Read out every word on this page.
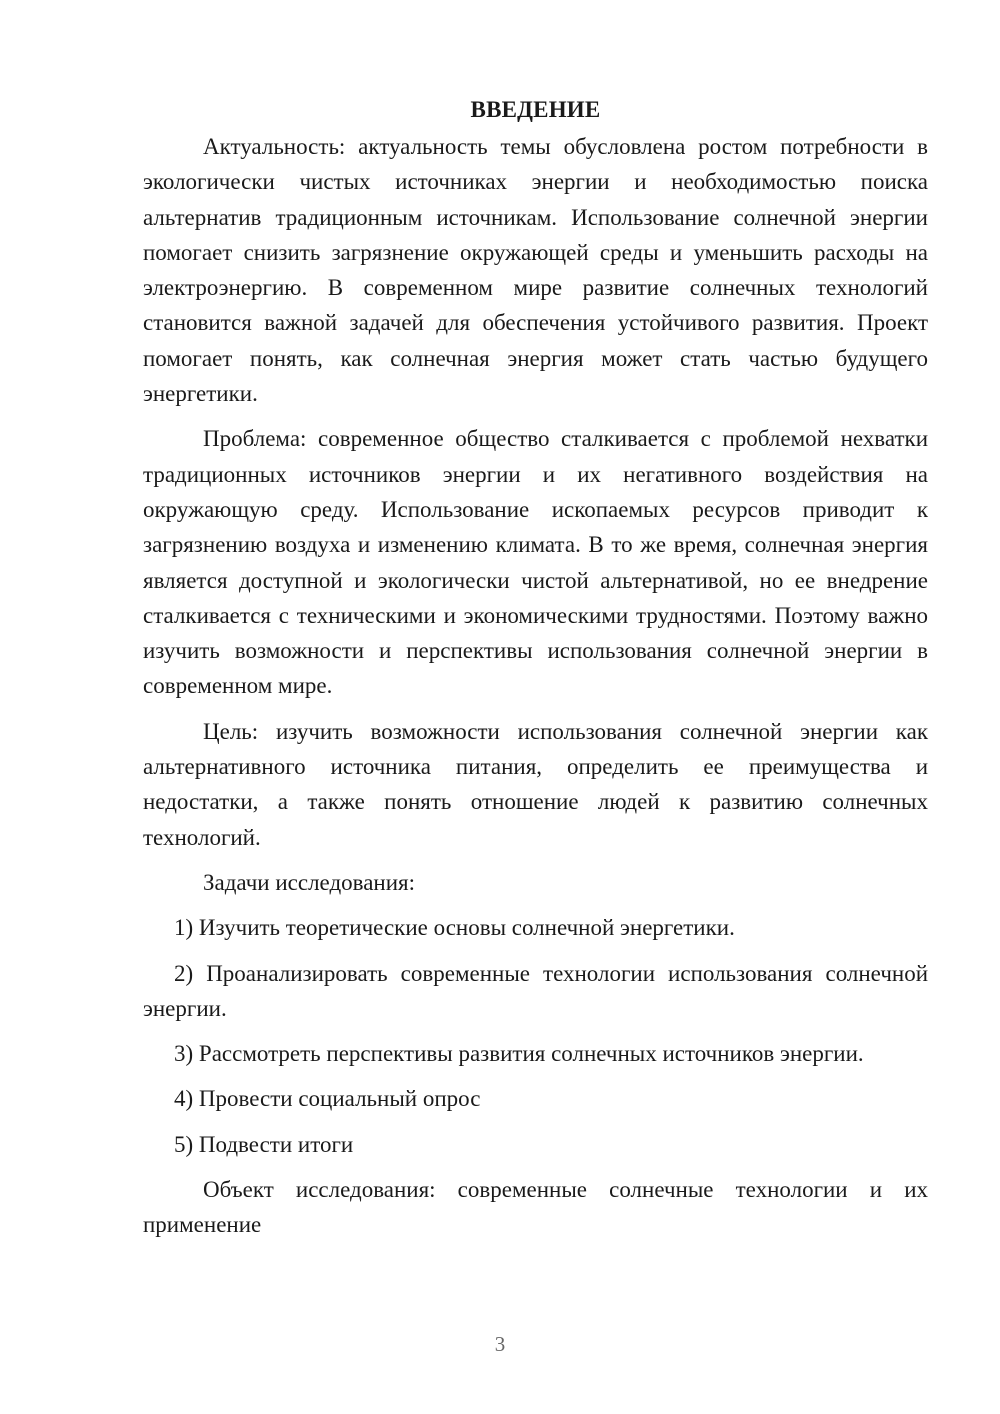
ВВЕДЕНИЕ

Актуальность: актуальность темы обусловлена ростом потребности в экологически чистых источниках энергии и необходимостью поиска альтернатив традиционным источникам. Использование солнечной энергии помогает снизить загрязнение окружающей среды и уменьшить расходы на электроэнергию. В современном мире развитие солнечных технологий становится важной задачей для обеспечения устойчивого развития. Проект помогает понять, как солнечная энергия может стать частью будущего энергетики.

Проблема: современное общество сталкивается с проблемой нехватки традиционных источников энергии и их негативного воздействия на окружающую среду. Использование ископаемых ресурсов приводит к загрязнению воздуха и изменению климата. В то же время, солнечная энергия является доступной и экологически чистой альтернативой, но ее внедрение сталкивается с техническими и экономическими трудностями. Поэтому важно изучить возможности и перспективы использования солнечной энергии в современном мире.

Цель: изучить возможности использования солнечной энергии как альтернативного источника питания, определить ее преимущества и недостатки, а также понять отношение людей к развитию солнечных технологий.

Задачи исследования:

1) Изучить теоретические основы солнечной энергетики.

2) Проанализировать современные технологии использования солнечной энергии.

3) Рассмотреть перспективы развития солнечных источников энергии.

4) Провести социальный опрос

5) Подвести итоги

Объект исследования: современные солнечные технологии и их применение

3
